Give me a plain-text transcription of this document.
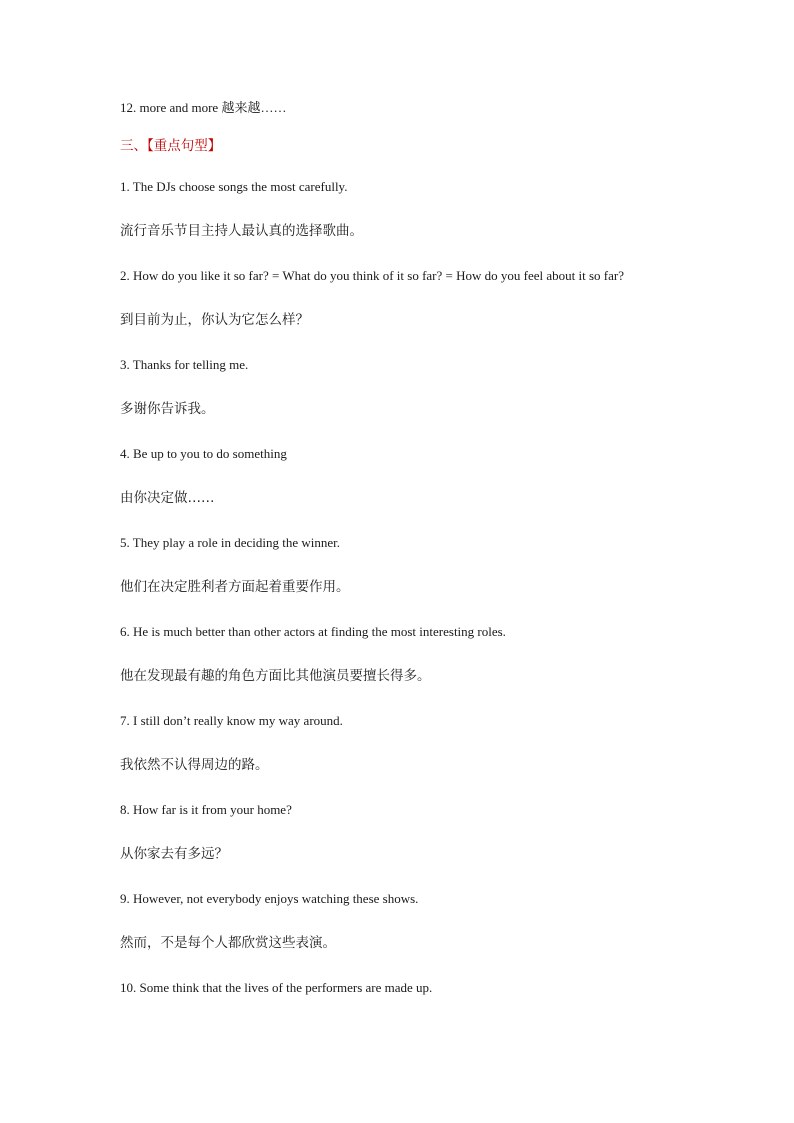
12. more and more 越来越……
三、【重点句型】
1. The DJs choose songs the most carefully.
流行音乐节目主持人最认真的选择歌曲。
2. How do you like it so far? = What do you think of it so far? = How do you feel about it so far?
到目前为止，你认为它怎么样？
3. Thanks for telling me.
多谢你告诉我。
4. Be up to you to do something
由你决定做……
5. They play a role in deciding the winner.
他们在决定胜利者方面起着重要作用。
6. He is much better than other actors at finding the most interesting roles.
他在发现最有趣的角色方面比其他演员要擅长得多。
7. I still don’t really know my way around.
我依然不认得周边的路。
8. How far is it from your home?
从你家去有多远？
9. However, not everybody enjoys watching these shows.
然而，不是每个人都欣赏这些表演。
10. Some think that the lives of the performers are made up.
